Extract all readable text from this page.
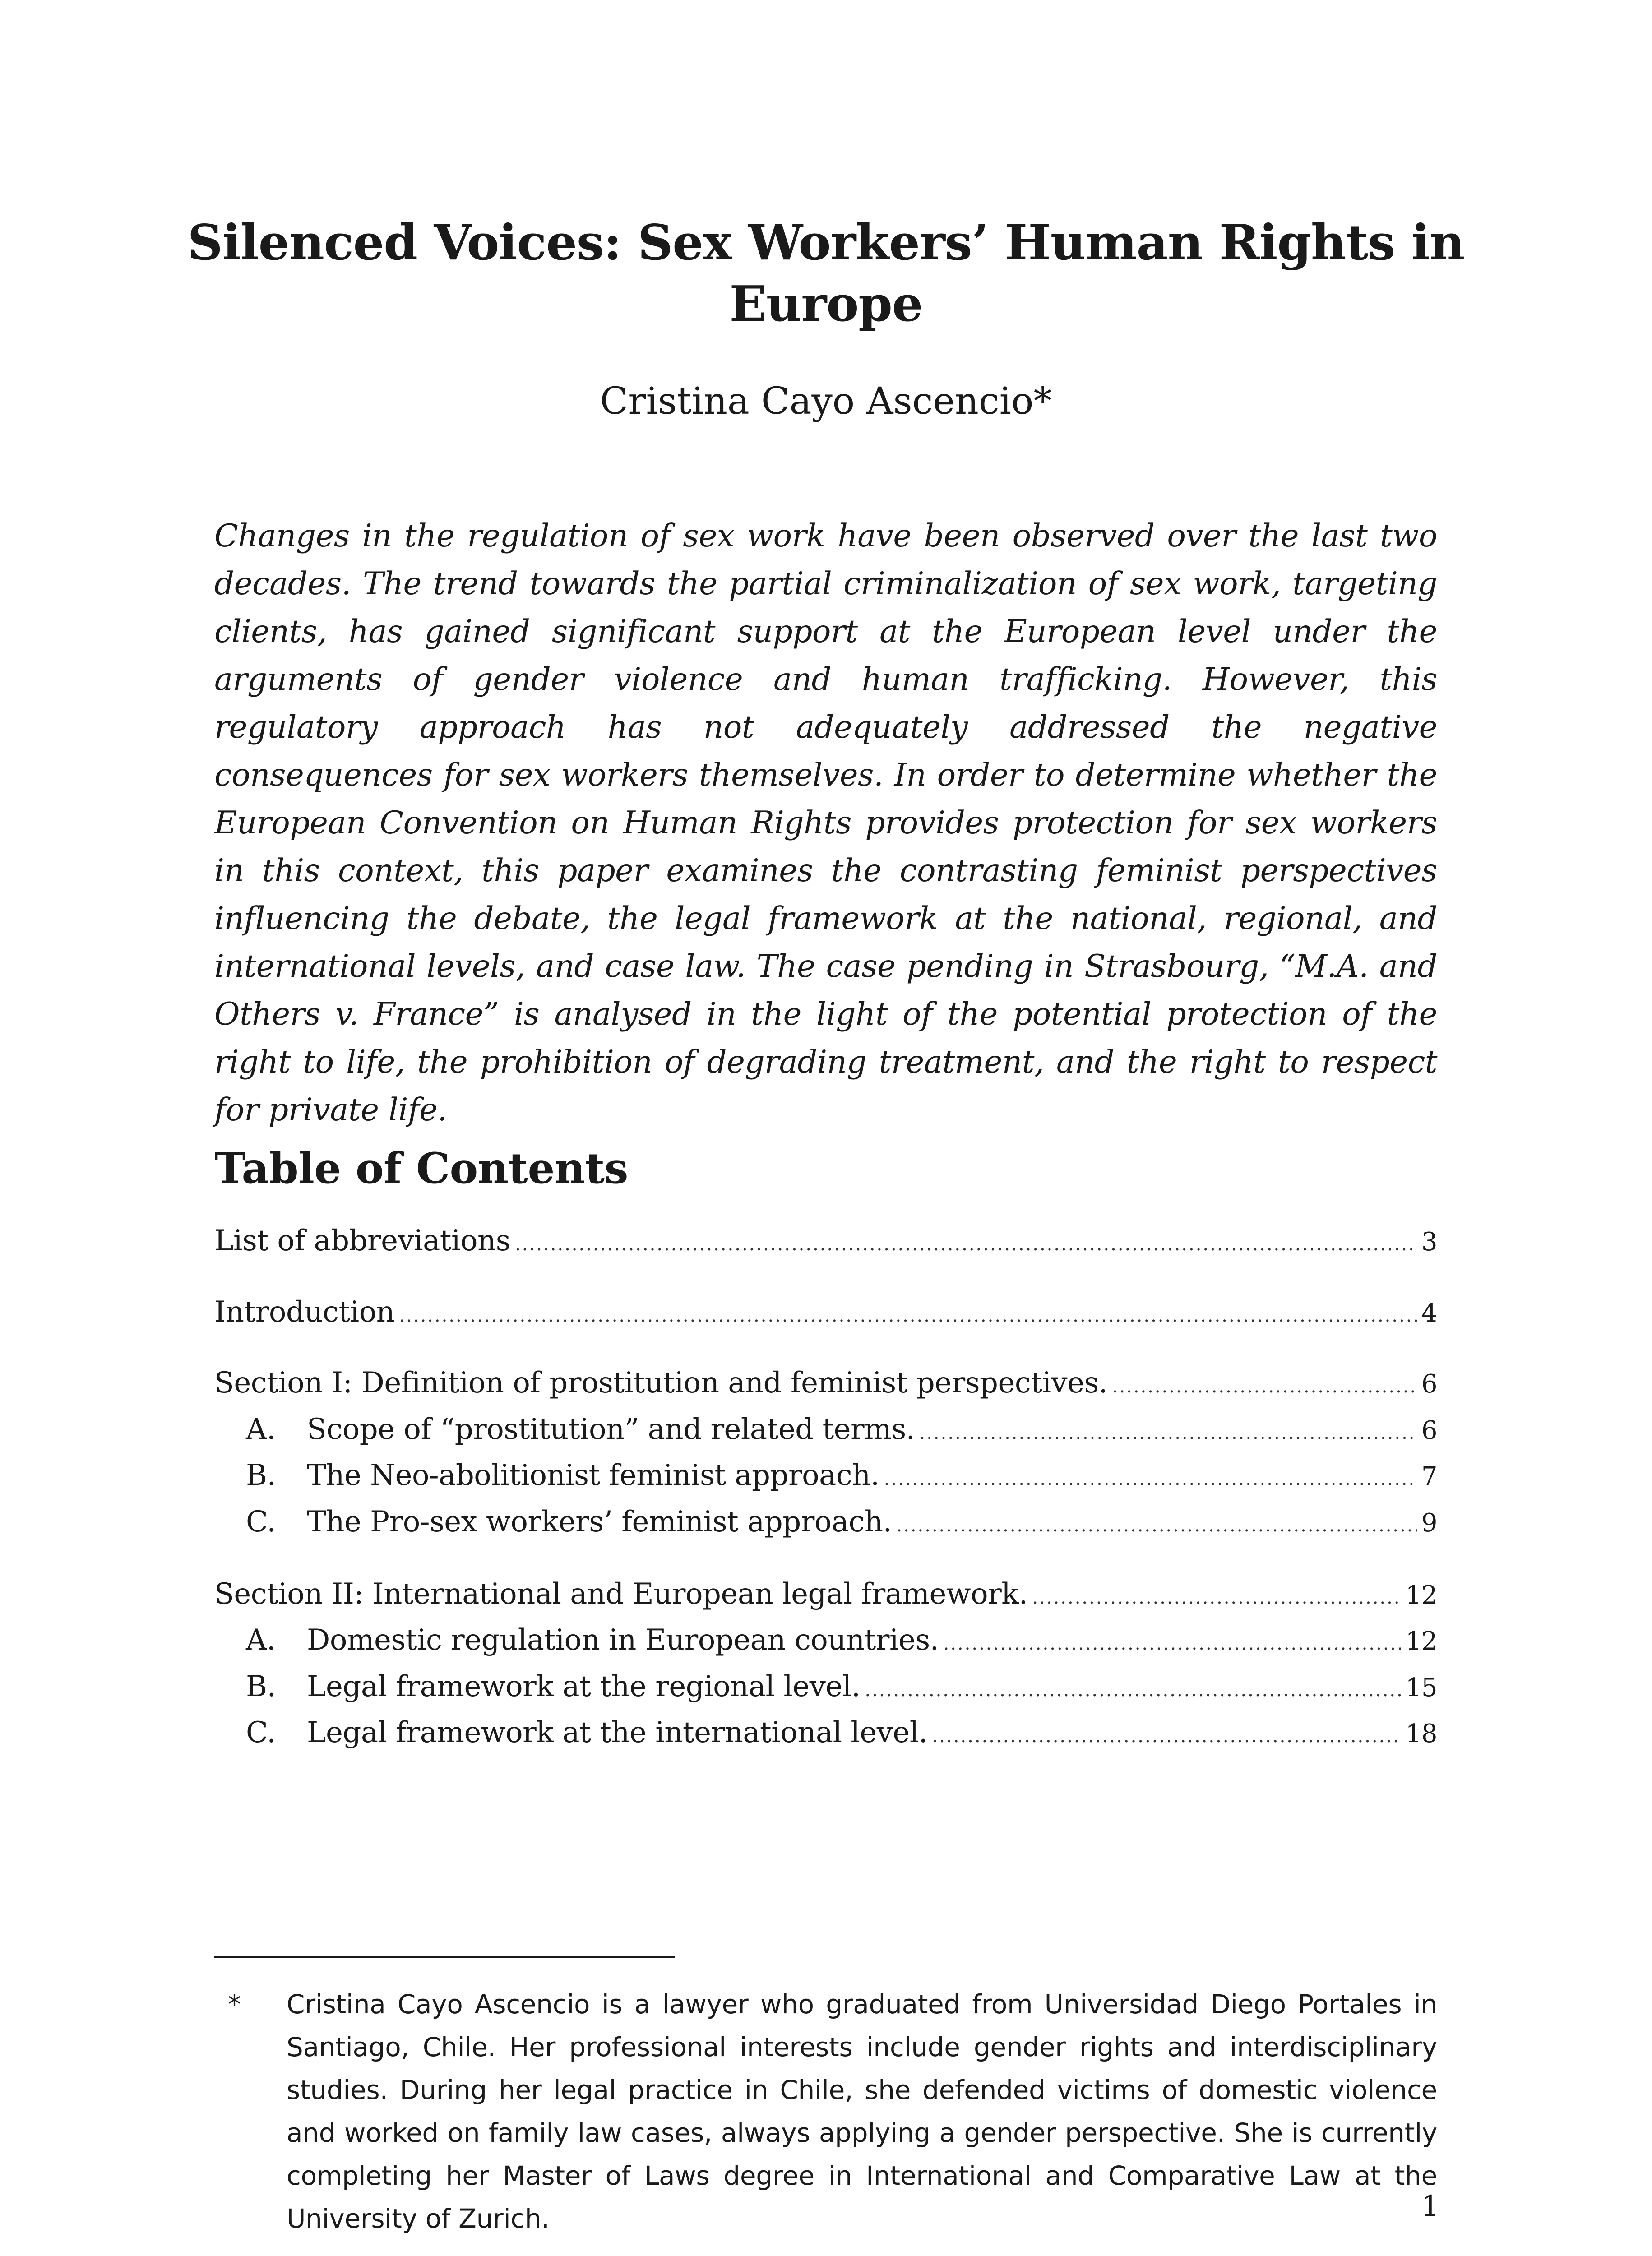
Silenced Voices: Sex Workers’ Human Rights in Europe

Cristina Cayo Ascencio*

Changes in the regulation of sex work have been observed over the last two decades. The trend towards the partial criminalization of sex work, targeting clients, has gained significant support at the European level under the arguments of gender violence and human trafficking. However, this regulatory approach has not adequately addressed the negative consequences for sex workers themselves. In order to determine whether the European Convention on Human Rights provides protection for sex workers in this context, this paper examines the contrasting feminist perspectives influencing the debate, the legal framework at the national, regional, and international levels, and case law. The case pending in Strasbourg, “M.A. and Others v. France” is analysed in the light of the potential protection of the right to life, the prohibition of degrading treatment, and the right to respect for private life.

Table of Contents
List of abbreviations .....	3
Introduction .....	4
Section I: Definition of prostitution and feminist perspectives. .....	6
A.	Scope of “prostitution” and related terms. .....	6
B.	The Neo-abolitionist feminist approach. .....	7
C.	The Pro-sex workers’ feminist approach. .....	9
Section II: International and European legal framework. .....	12
A.	Domestic regulation in European countries. .....	12
B.	Legal framework at the regional level. .....	15
C.	Legal framework at the international level. .....	18
*	Cristina Cayo Ascencio is a lawyer who graduated from Universidad Diego Portales in Santiago, Chile. Her professional interests include gender rights and interdisciplinary studies. During her legal practice in Chile, she defended victims of domestic violence and worked on family law cases, always applying a gender perspective. She is currently completing her Master of Laws degree in International and Comparative Law at the University of Zurich.	1
